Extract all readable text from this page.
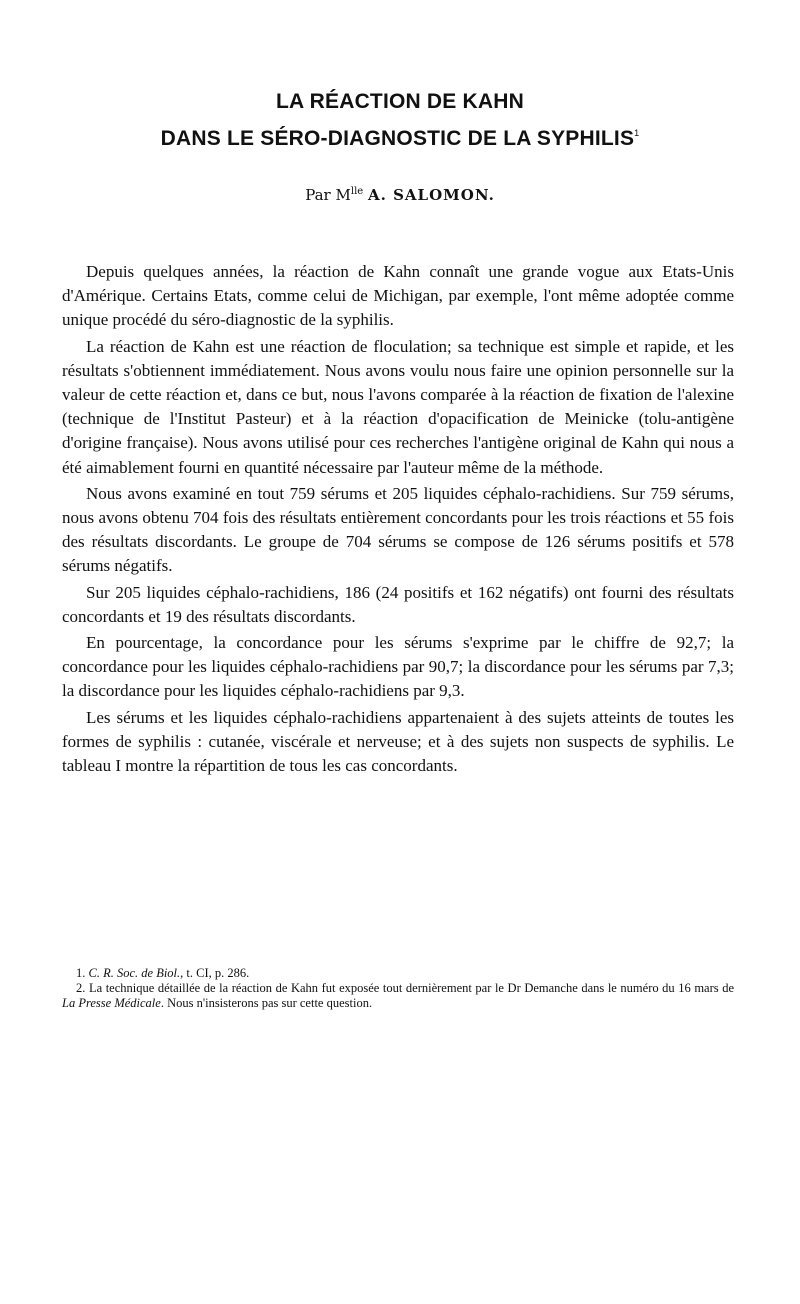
LA RÉACTION DE KAHN
DANS LE SÉRO-DIAGNOSTIC DE LA SYPHILIS$^1$
Par $M^{lle}$ A. SALOMON.

Depuis quelques années, la réaction de Kahn connaît une grande vogue aux Etats-Unis d'Amérique. Certains Etats, comme celui de Michigan, par exemple, l'ont même adoptée comme unique procédé du séro-diagnostic de la syphilis.

La réaction de Kahn est une réaction de floculation; sa technique est simple et rapide, et les résultats s'obtiennent immédiatement. Nous avons voulu nous faire une opinion personnelle sur la valeur de cette réaction et, dans ce but, nous l'avons comparée à la réaction de fixation de l'alexine (technique de l'Institut Pasteur) et à la réaction d'opacification de Meinicke (tolu-antigène d'origine française). Nous avons utilisé pour ces recherches l'antigène original de Kahn qui nous a été aimablement fourni en quantité nécessaire par l'auteur même de la méthode.

Nous avons examiné en tout 759 sérums et 205 liquides céphalo-rachidiens. Sur 759 sérums, nous avons obtenu 704 fois des résultats entièrement concordants pour les trois réactions et 55 fois des résultats discordants. Le groupe de 704 sérums se compose de 126 sérums positifs et 578 sérums négatifs.

Sur 205 liquides céphalo-rachidiens, 186 (24 positifs et 162 négatifs) ont fourni des résultats concordants et 19 des résultats discordants.

En pourcentage, la concordance pour les sérums s'exprime par le chiffre de 92,7; la concordance pour les liquides céphalo-rachidiens par 90,7; la discordance pour les sérums par 7,3; la discordance pour les liquides céphalo-rachidiens par 9,3.

Les sérums et les liquides céphalo-rachidiens appartenaient à des sujets atteints de toutes les formes de syphilis : cutanée, viscérale et nerveuse; et à des sujets non suspects de syphilis. Le tableau I montre la répartition de tous les cas concordants.

1. C. R. Soc. de Biol., t. CI, p. 286.

2. La technique détaillée de la réaction de Kahn fut exposée tout dernièrement par le Dr Demanche dans le numéro du 16 mars de La Presse Médicale. Nous n'insisterons pas sur cette question.
